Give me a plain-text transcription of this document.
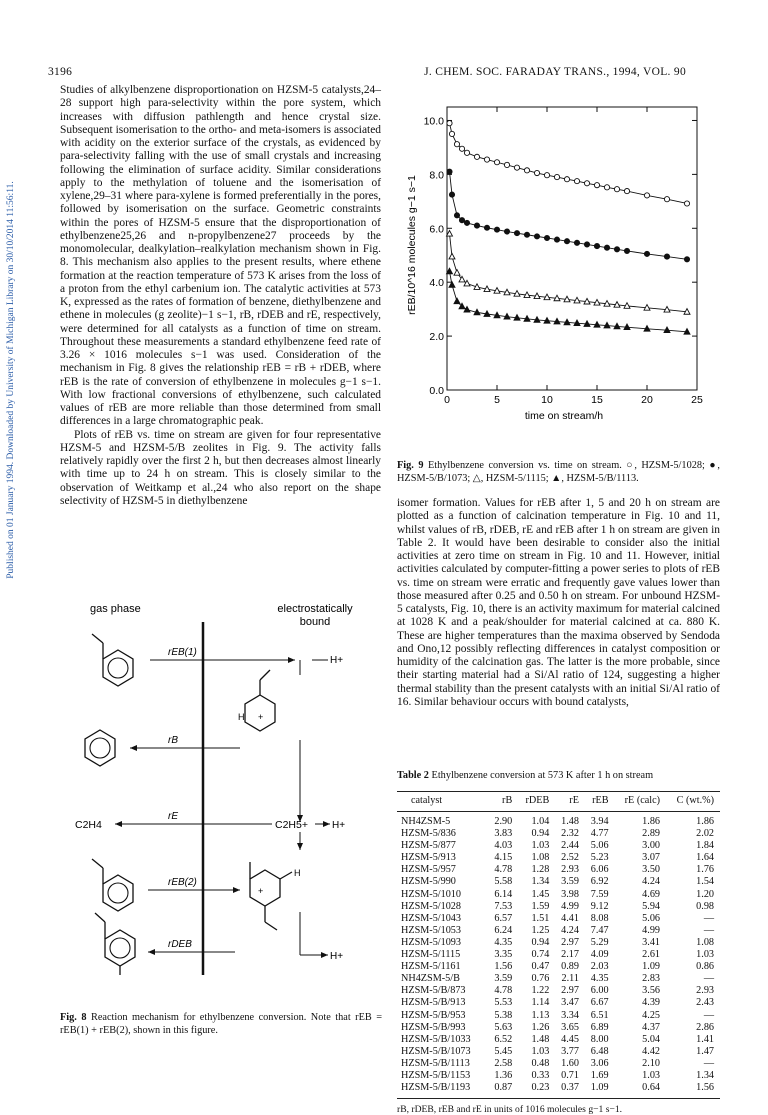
Published on 01 January 1994. Downloaded by University of Michigan Library on 30/10/2014 11:56:11.
3196	J. CHEM. SOC. FARADAY TRANS., 1994, VOL. 90

Studies of alkylbenzene disproportionation on HZSM-5 catalysts,24–28 support high para-selectivity within the pore system, which increases with diffusion pathlength and hence crystal size. Subsequent isomerisation to the ortho- and meta-isomers is associated with acidity on the exterior surface of the crystals, as evidenced by para-selectivity falling with the use of small crystals and increasing following the elimination of surface acidity. Similar considerations apply to the methylation of toluene and the isomerisation of xylene,29–31 where para-xylene is formed preferentially in the pores, followed by isomerisation on the surface. Geometric constraints within the pores of HZSM-5 ensure that the disproportionation of ethylbenzene25,26 and n-propylbenzene27 proceeds by the monomolecular, dealkylation–realkylation mechanism shown in Fig. 8. This mechanism also applies to the present results, where ethene formation at the reaction temperature of 573 K arises from the loss of a proton from the ethyl carbenium ion. The catalytic activities at 573 K, expressed as the rates of formation of benzene, diethylbenzene and ethene in molecules (g zeolite)−1 s−1, rB, rDEB and rE, respectively, were determined for all catalysts as a function of time on stream. Throughout these measurements a standard ethylbenzene feed rate of 3.26 × 1016 molecules s−1 was used. Consideration of the mechanism in Fig. 8 gives the relationship rEB = rB + rDEB, where rEB is the rate of conversion of ethylbenzene in molecules g−1 s−1. With low fractional conversions of ethylbenzene, such calculated values of rEB are more reliable than those determined from small differences in a large chromatographic peak.

Plots of rEB vs. time on stream are given for four representative HZSM-5 and HZSM-5/B zeolites in Fig. 9. The activity falls relatively rapidly over the first 2 h, but then decreases almost linearly with time up to 24 h on stream. This is closely similar to the observation of Weitkamp et al.,24 who also report on the shape selectivity of HZSM-5 in diethylbenzene

gas phase	electrostatically
bound
rEB(1)
H+
H +
rB
C2H4
rE
C2H5+ H+
rEB(2)
H
+
rDEB
H+
Fig. 8 Reaction mechanism for ethylbenzene conversion. Note that rEB = rEB(1) + rEB(2), shown in this figure.
0	5	10	15	20	25
0.0
2.0
4.0
6.0
8.0
10.0
time on stream/h
rEB/10^16 molecules g−1 s−1
Fig. 9 Ethylbenzene conversion vs. time on stream. ○, HZSM-5/1028; ●, HZSM-5/B/1073; △, HZSM-5/1115; ▲, HZSM-5/B/1113.

isomer formation. Values for rEB after 1, 5 and 20 h on stream are plotted as a function of calcination temperature in Fig. 10 and 11, whilst values of rB, rDEB, rE and rEB after 1 h on stream are given in Table 2. It would have been desirable to consider also the initial activities at zero time on stream in Fig. 10 and 11. However, initial activities calculated by computer-fitting a power series to plots of rEB vs. time on stream were erratic and frequently gave values lower than those measured after 0.25 and 0.50 h on stream. For unbound HZSM-5 catalysts, Fig. 10, there is an activity maximum for material calcined at 1028 K and a peak/shoulder for material calcined at ca. 880 K. These are higher temperatures than the maxima observed by Sendoda and Ono,12 possibly reflecting differences in catalyst composition or humidity of the calcination gas. The latter is the more probable, since their starting material had a Si/Al ratio of 124, suggesting a higher thermal stability than the present catalysts with an initial Si/Al ratio of 16. Similar behaviour occurs with bound catalysts,

Table 2 Ethylbenzene conversion at 573 K after 1 h on stream
catalyst	rB	rDEB	rE	rEB	rE (calc)	C (wt.%)
NH4ZSM-5	2.90	1.04	1.48	3.94	1.86	1.86
HZSM-5/836	3.83	0.94	2.32	4.77	2.89	2.02
HZSM-5/877	4.03	1.03	2.44	5.06	3.00	1.84
HZSM-5/913	4.15	1.08	2.52	5.23	3.07	1.64
HZSM-5/957	4.78	1.28	2.93	6.06	3.50	1.76
HZSM-5/990	5.58	1.34	3.59	6.92	4.24	1.54
HZSM-5/1010	6.14	1.45	3.98	7.59	4.69	1.20
HZSM-5/1028	7.53	1.59	4.99	9.12	5.94	0.98
HZSM-5/1043	6.57	1.51	4.41	8.08	5.06	—
HZSM-5/1053	6.24	1.25	4.24	7.47	4.99	—
HZSM-5/1093	4.35	0.94	2.97	5.29	3.41	1.08
HZSM-5/1115	3.35	0.74	2.17	4.09	2.61	1.03
HZSM-5/1161	1.56	0.47	0.89	2.03	1.09	0.86
NH4ZSM-5/B	3.59	0.76	2.11	4.35	2.83	—
HZSM-5/B/873	4.78	1.22	2.97	6.00	3.56	2.93
HZSM-5/B/913	5.53	1.14	3.47	6.67	4.39	2.43
HZSM-5/B/953	5.38	1.13	3.34	6.51	4.25	—
HZSM-5/B/993	5.63	1.26	3.65	6.89	4.37	2.86
HZSM-5/B/1033	6.52	1.48	4.45	8.00	5.04	1.41
HZSM-5/B/1073	5.45	1.03	3.77	6.48	4.42	1.47
HZSM-5/B/1113	2.58	0.48	1.60	3.06	2.10	—
HZSM-5/B/1153	1.36	0.33	0.71	1.69	1.03	1.34
HZSM-5/B/1193	0.87	0.23	0.37	1.09	0.64	1.56
rB, rDEB, rEB and rE in units of 1016 molecules g−1 s−1.
